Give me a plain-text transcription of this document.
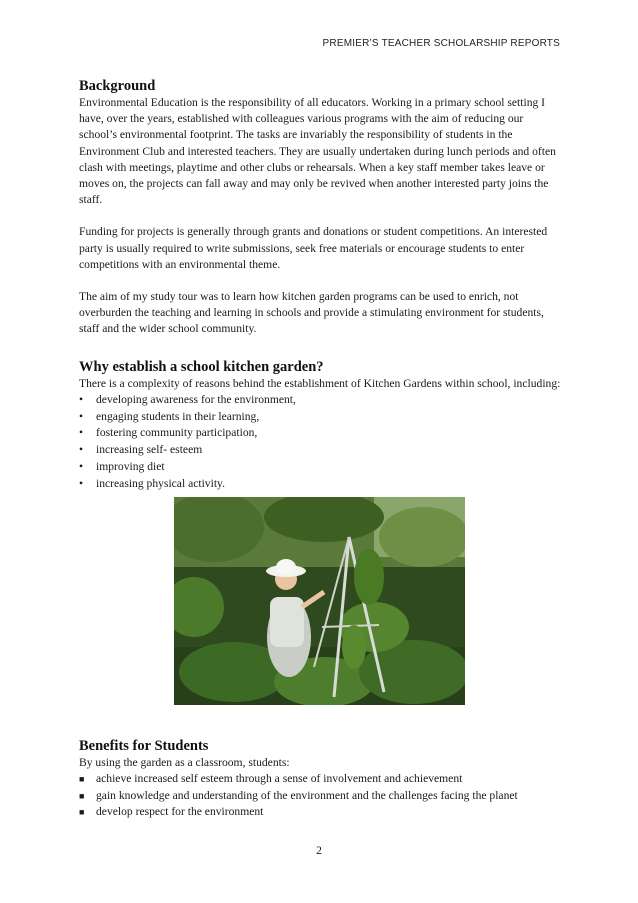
PREMIER’S TEACHER SCHOLARSHIP REPORTS
Background

Environmental Education is the responsibility of all educators. Working in a primary school setting I have, over the years, established with colleagues various programs with the aim of reducing our school’s environmental footprint. The tasks are invariably the responsibility of students in the Environment Club and interested teachers. They are usually undertaken during lunch periods and often clash with meetings, playtime and other clubs or rehearsals. When a key staff member takes leave or moves on, the projects can fall away and may only be revived when another interested party joins the staff.

Funding for projects is generally through grants and donations or student competitions. An interested party is usually required to write submissions, seek free materials or encourage students to enter competitions with an environmental theme.

The aim of my study tour was to learn how kitchen garden programs can be used to enrich, not overburden the teaching and learning in schools and provide a stimulating environment for students, staff and the wider school community.

Why establish a school kitchen garden?

There is a complexity of reasons behind the establishment of Kitchen Gardens within school, including:

• developing awareness for the environment,
• engaging students in their learning,
• fostering community participation,
• increasing self- esteem
• improving diet
• increasing physical activity.
Benefits for Students

By using the garden as a classroom, students:

■ achieve increased self esteem through a sense of involvement and achievement
■ gain knowledge and understanding of the environment and the challenges facing the planet
■ develop respect for the environment
2
